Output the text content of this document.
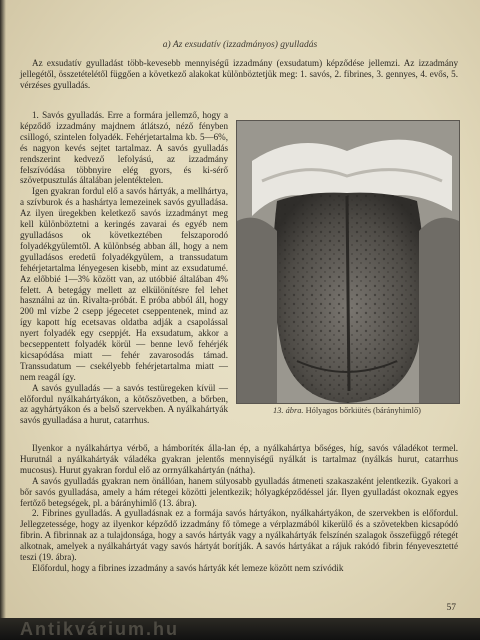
a) Az exsudatív (izzadmányos) gyulladás

Az exsudatív gyulladást több-kevesebb mennyiségű izzadmány (exsudatum) képződése jellemzi. Az izzadmány jellegétől, összetételétől függően a következő alakokat különböztetjük meg: 1. savós, 2. fibrines, 3. gennyes, 4. evős, 5. vérzéses gyulladás.

1. Savós gyulladás. Erre a formára jellemző, hogy a képződő izzadmány majdnem átlátszó, néző fényben csillogó, szintelen folyadék. Fehérjetartalma kb. 5—6%, és nagyon kevés sejtet tartalmaz. A savós gyulladás rendszerint kedvező lefolyású, az izzadmány felszívódása többnyire elég gyors, és ki-sérő szövetpusztulás általában jelentéktelen.

Igen gyakran fordul elő a savós hártyák, a mellhártya, a szívburok és a hashártya lemezeinek savós gyulladása. Az ilyen üregekben keletkező savós izzadmányt meg kell különböztetni a keringés zavarai és egyéb nem gyulladásos ok következtében felszaporodó folyadékgyülemtől. A különbség abban áll, hogy a nem gyulladásos eredetű folyadékgyülem, a transsudatum fehérjetartalma lényegesen kisebb, mint az exsudatumé. Az előbbié 1—3% között van, az utóbbié általában 4% felett. A betegágy mellett az elkülönítésre fel lehet használni az ún. Rivalta-próbát. E próba abból áll, hogy 200 ml vízbe 2 csepp jégecetet cseppentenek, mind az így kapott híg ecetsavas oldatba adják a csapolással nyert folyadék egy cseppjét. Ha exsudatum, akkor a becseppentett folyadék körül — benne levő fehérjék kicsapódása miatt — fehér zavarosodás támad. Transsudatum — csekélyebb fehérjetartalma miatt — nem reagál így.

A savós gyulladás — a savós testüregeken kívül — előfordul nyálkahártyákon, a kötőszövetben, a bőrben, az agyhártyákon és a belső szervekben. A nyálkahártyák savós gyulladása a hurut, catarrhus.

13. ábra. Hólyagos bőrkiütés (bárányhimlő)

Ilyenkor a nyálkahártya vérbő, a hámborítéк álla-lan ép, a nyálkahártya bőséges, híg, savós váladékot termel. Hurutnál a nyálkahártyák váladéka gyakran jelentős mennyiségű nyálkát is tartalmaz (nyálkás hurut, catarrhus mucosus). Hurut gyakran fordul elő az orrnyálkahártyán (nátha).

A savós gyulladás gyakran nem önállóan, hanem súlyosabb gyulladás átmeneti szakaszaként jelentkezik. Gyakori a bőr savós gyulladása, amely a hám rétegei közötti jelentkezik; hólyagképződéssel jár. Ilyen gyulladást okoznak egyes fertőző betegségek, pl. a bárányhimlő (13. ábra).

2. Fibrines gyulladás. A gyulladásnak ez a formája savós hártyákon, nyálkahártyákon, de szervekben is előfordul. Jellegzetessége, hogy az ilyenkor képződő izzadmány fő tömege a vérplazmából kikerülő és a szövetekben kicsapódó fibrin. A fibrinnak az a tulajdonsága, hogy a savós hártyák vagy a nyálkahártyák felszínén szalagok összefüggő rétegét alkotnak, amelyek a nyálkahártyát vagy savós hártyát borítják. A savós hártyákat a rájuk rakódó fibrin fényevesztetté teszi (19. ábra).

Előfordul, hogy a fibrines izzadmány a savós hártyák két lemeze között nem szívódik

57
Antikvárium.hu
